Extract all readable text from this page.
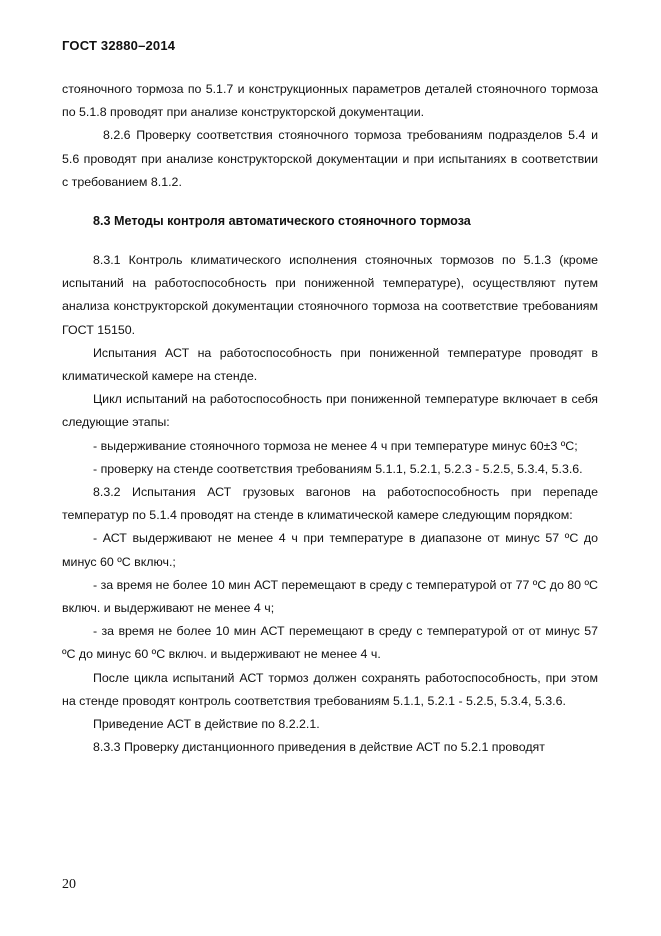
ГОСТ 32880–2014

стояночного тормоза по 5.1.7 и конструкционных параметров деталей стояночного тормоза по 5.1.8 проводят при анализе конструкторской документации.

8.2.6 Проверку соответствия стояночного тормоза требованиям подразделов 5.4 и 5.6 проводят при анализе конструкторской документации и при испытаниях в соответствии с требованием 8.1.2.

8.3 Методы контроля автоматического стояночного тормоза

8.3.1 Контроль климатического исполнения стояночных тормозов по 5.1.3 (кроме испытаний на работоспособность при пониженной температуре), осуществляют путем анализа конструкторской документации стояночного тормоза на соответствие требованиям ГОСТ 15150.

Испытания АСТ на работоспособность при пониженной температуре проводят в климатической камере на стенде.

Цикл испытаний на работоспособность при пониженной температуре включает в себя следующие этапы:

- выдерживание стояночного тормоза не менее 4 ч при температуре минус 60±3 ºС;

- проверку на стенде соответствия требованиям 5.1.1, 5.2.1, 5.2.3 - 5.2.5, 5.3.4, 5.3.6.

8.3.2 Испытания АСТ грузовых вагонов на работоспособность при перепаде температур по 5.1.4 проводят на стенде в климатической камере следующим порядком:

- АСТ выдерживают не менее 4 ч при температуре в диапазоне от минус 57 ºС до минус 60 ºС включ.;

- за время не более 10 мин АСТ перемещают в среду с температурой от 77 ºС до 80 ºС включ. и выдерживают не менее 4 ч;

- за время не более 10 мин АСТ перемещают в среду с температурой от от минус 57 ºС до минус 60 ºС включ. и выдерживают не менее 4 ч.

После цикла испытаний АСТ тормоз должен сохранять работоспособность, при этом на стенде проводят контроль соответствия требованиям 5.1.1, 5.2.1 - 5.2.5, 5.3.4, 5.3.6.

Приведение АСТ в действие по 8.2.2.1.

8.3.3 Проверку дистанционного приведения в действие АСТ по 5.2.1 проводят

20
